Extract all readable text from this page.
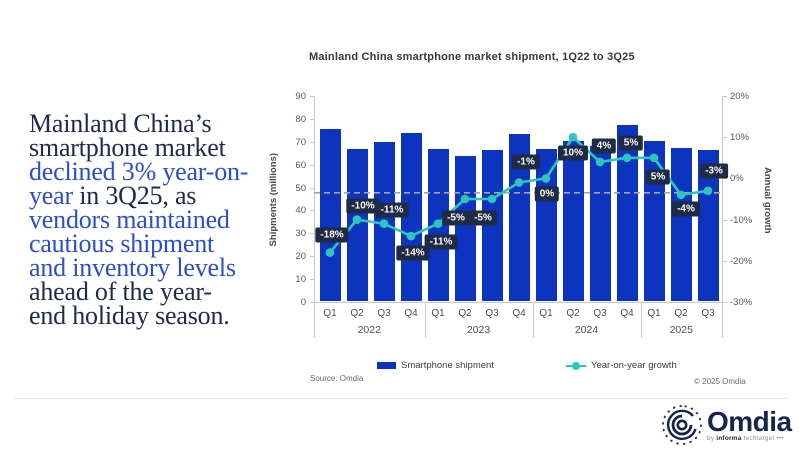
Mainland China’s
smartphone market
declined 3% year-on-
year in 3Q25, as
vendors maintained
cautious shipment
and inventory levels
ahead of the year-
end holiday season.
Mainland China smartphone market shipment, 1Q22 to 3Q25
Shipments (millions)	Annual growth
90
80
70
60
50
40
30
20
10
0
20%
10%
0%
-10%
-20%
-30%
Q1 Q2 Q3 Q4 Q1 Q2 Q3 Q4 Q1 Q2 Q3 Q4 Q1 Q2 Q3
2022	2023	2024	2025
-18%
-10% -11%
-14%
-11%
-5% -5%
-1%
0%
10%
4%	5%
5%
-4%
-3%
Smartphone shipment	Year-on-year growth
Source: Omdia	© 2025 Omdia
Omdia
by informa techtarget •••
